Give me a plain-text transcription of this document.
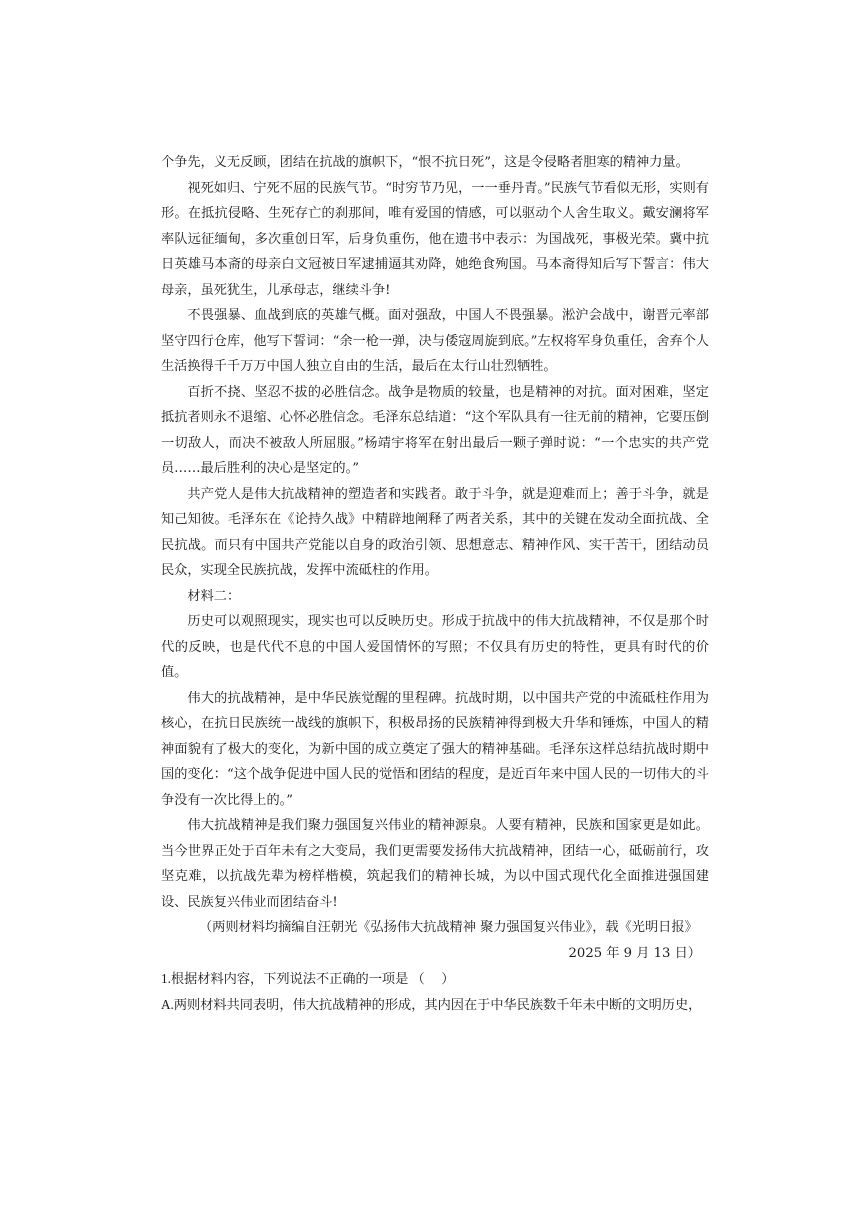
个争先，义无反顾，团结在抗战的旗帜下，“恨不抗日死”，这是令侵略者胆寒的精神力量。

视死如归、宁死不屈的民族气节。“时穷节乃见，一一垂丹青。”民族气节看似无形，实则有形。在抵抗侵略、生死存亡的刹那间，唯有爱国的情感，可以驱动个人舍生取义。戴安澜将军率队远征缅甸，多次重创日军，后身负重伤，他在遗书中表示：为国战死，事极光荣。冀中抗日英雄马本斋的母亲白文冠被日军逮捕逼其劝降，她绝食殉国。马本斋得知后写下誓言：伟大母亲，虽死犹生，儿承母志，继续斗争!

不畏强暴、血战到底的英雄气概。面对强敌，中国人不畏强暴。淞沪会战中，谢晋元率部坚守四行仓库，他写下誓词：“余一枪一弹，决与倭寇周旋到底。”左权将军身负重任，舍弃个人生活换得千千万万中国人独立自由的生活，最后在太行山壮烈牺牲。

百折不挠、坚忍不拔的必胜信念。战争是物质的较量，也是精神的对抗。面对困难，坚定抵抗者则永不退缩、心怀必胜信念。毛泽东总结道：“这个军队具有一往无前的精神，它要压倒一切敌人，而决不被敌人所屈服。”杨靖宇将军在射出最后一颗子弹时说：“一个忠实的共产党员……最后胜利的决心是坚定的。”

共产党人是伟大抗战精神的塑造者和实践者。敢于斗争，就是迎难而上；善于斗争，就是知己知彼。毛泽东在《论持久战》中精辟地阐释了两者关系，其中的关键在发动全面抗战、全民抗战。而只有中国共产党能以自身的政治引领、思想意志、精神作风、实干苦干，团结动员民众，实现全民族抗战，发挥中流砥柱的作用。

材料二：

历史可以观照现实，现实也可以反映历史。形成于抗战中的伟大抗战精神，不仅是那个时代的反映，也是代代不息的中国人爱国情怀的写照；不仅具有历史的特性，更具有时代的价值。

伟大的抗战精神，是中华民族觉醒的里程碑。抗战时期，以中国共产党的中流砥柱作用为核心，在抗日民族统一战线的旗帜下，积极昂扬的民族精神得到极大升华和锤炼，中国人的精神面貌有了极大的变化，为新中国的成立奠定了强大的精神基础。毛泽东这样总结抗战时期中国的变化：“这个战争促进中国人民的觉悟和团结的程度，是近百年来中国人民的一切伟大的斗争没有一次比得上的。”

伟大抗战精神是我们聚力强国复兴伟业的精神源泉。人要有精神，民族和国家更是如此。当今世界正处于百年未有之大变局，我们更需要发扬伟大抗战精神，团结一心，砥砺前行，攻坚克难，以抗战先辈为榜样楷模，筑起我们的精神长城，为以中国式现代化全面推进强国建设、民族复兴伟业而团结奋斗!

（两则材料均摘编自汪朝光《弘扬伟大抗战精神 聚力强国复兴伟业》，载《光明日报》

2025 年 9 月 13 日）

1.根据材料内容，下列说法不正确的一项是 （　 ）

A.两则材料共同表明，伟大抗战精神的形成，其内因在于中华民族数千年未中断的文明历史，
